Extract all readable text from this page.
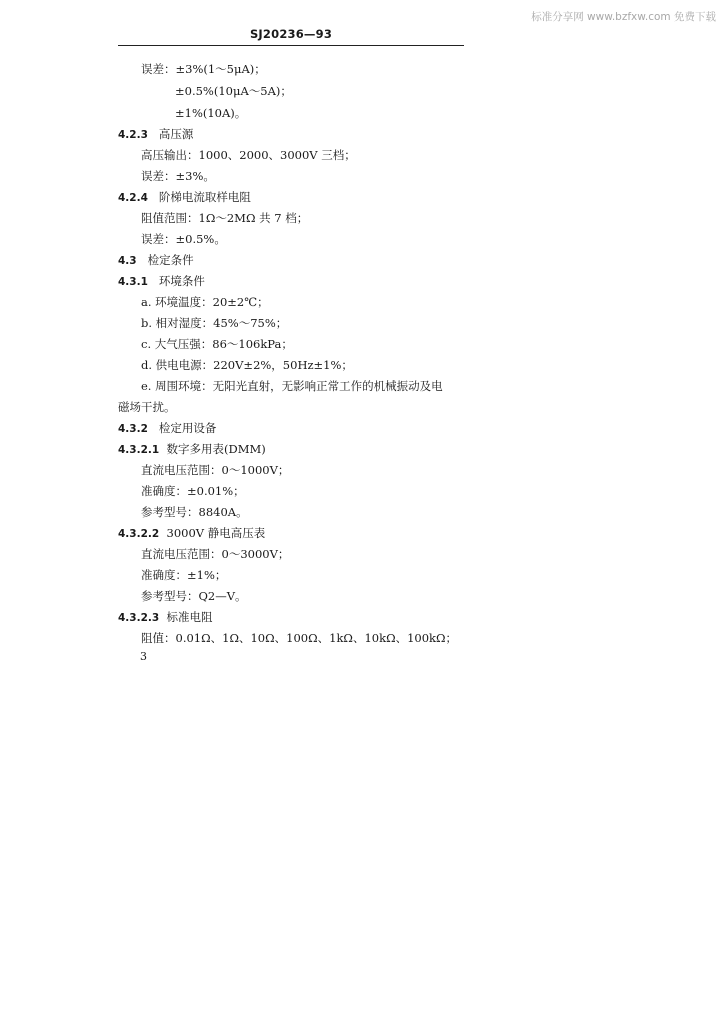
标准分享网 www.bzfxw.com 免费下载
SJ20236—93
误差：±3%(1～5μA)；
±0.5%(10μA～5A)；
±1%(10A)。
4.2.3 高压源
高压输出：1000、2000、3000V 三档；
误差：±3%。
4.2.4 阶梯电流取样电阻
阻值范围：1Ω～2MΩ 共 7 档；
误差：±0.5%。
4.3 检定条件
4.3.1 环境条件
a. 环境温度：20±2℃；
b. 相对湿度：45%～75%；
c. 大气压强：86～106kPa；
d. 供电电源：220V±2%，50Hz±1%；
e. 周围环境：无阳光直射，无影响正常工作的机械振动及电
磁场干扰。
4.3.2 检定用设备
4.3.2.1 数字多用表(DMM)
直流电压范围：0～1000V；
准确度：±0.01%；
参考型号：8840A。
4.3.2.2 3000V 静电高压表
直流电压范围：0～3000V；
准确度：±1%；
参考型号：Q2—V。
4.3.2.3 标准电阻
阻值：0.01Ω、1Ω、10Ω、100Ω、1kΩ、10kΩ、100kΩ；
3
